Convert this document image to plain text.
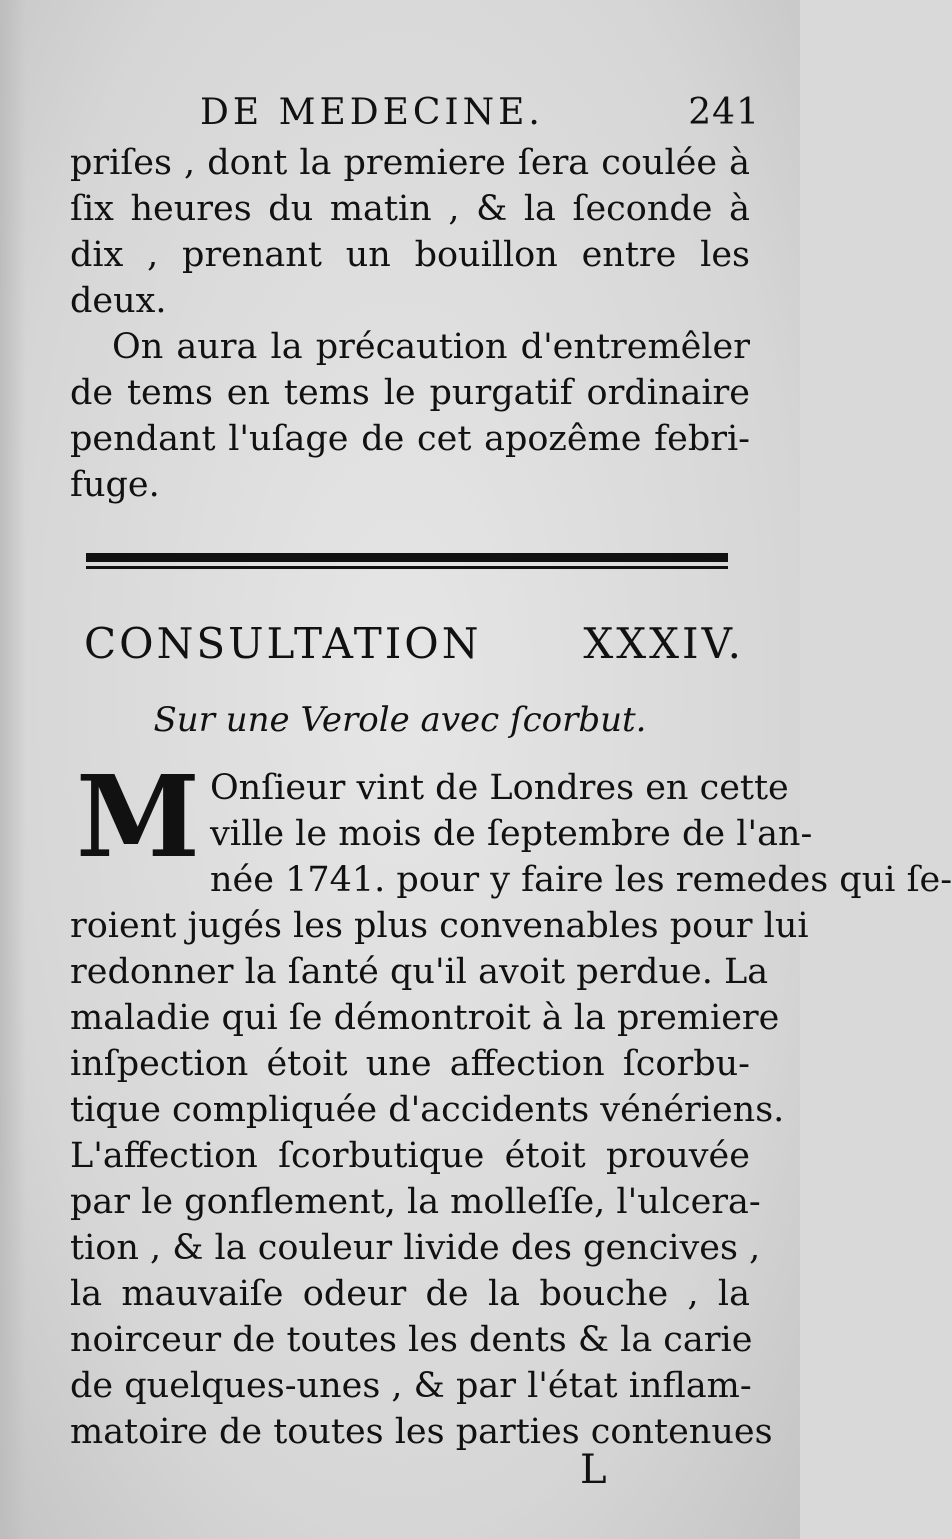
DE MEDECINE.	241
priſes , dont la premiere ſera coulée à
ſix heures du matin , & la ſeconde à
dix , prenant un bouillon entre les
deux.
On aura la précaution d'entremêler
de tems en tems le purgatif ordinaire
pendant l'uſage de cet apozême febri-
fuge.
CONSULTATION XXXIV.
Sur une Verole avec ſcorbut.
M Onſieur vint de Londres en cette
ville le mois de ſeptembre de l'an-
née 1741. pour y faire les remedes qui ſe-
roient jugés les plus convenables pour lui
redonner la ſanté qu'il avoit perdue. La
maladie qui ſe démontroit à la premiere
inſpection étoit une affection ſcorbu-
tique compliquée d'accidents vénériens.
L'affection ſcorbutique étoit prouvée
par le gonflement, la molleſſe, l'ulcera-
tion , & la couleur livide des gencives ,
la mauvaiſe odeur de la bouche , la
noirceur de toutes les dents & la carie
de quelques-unes , & par l'état inflam-
matoire de toutes les parties contenues
L
